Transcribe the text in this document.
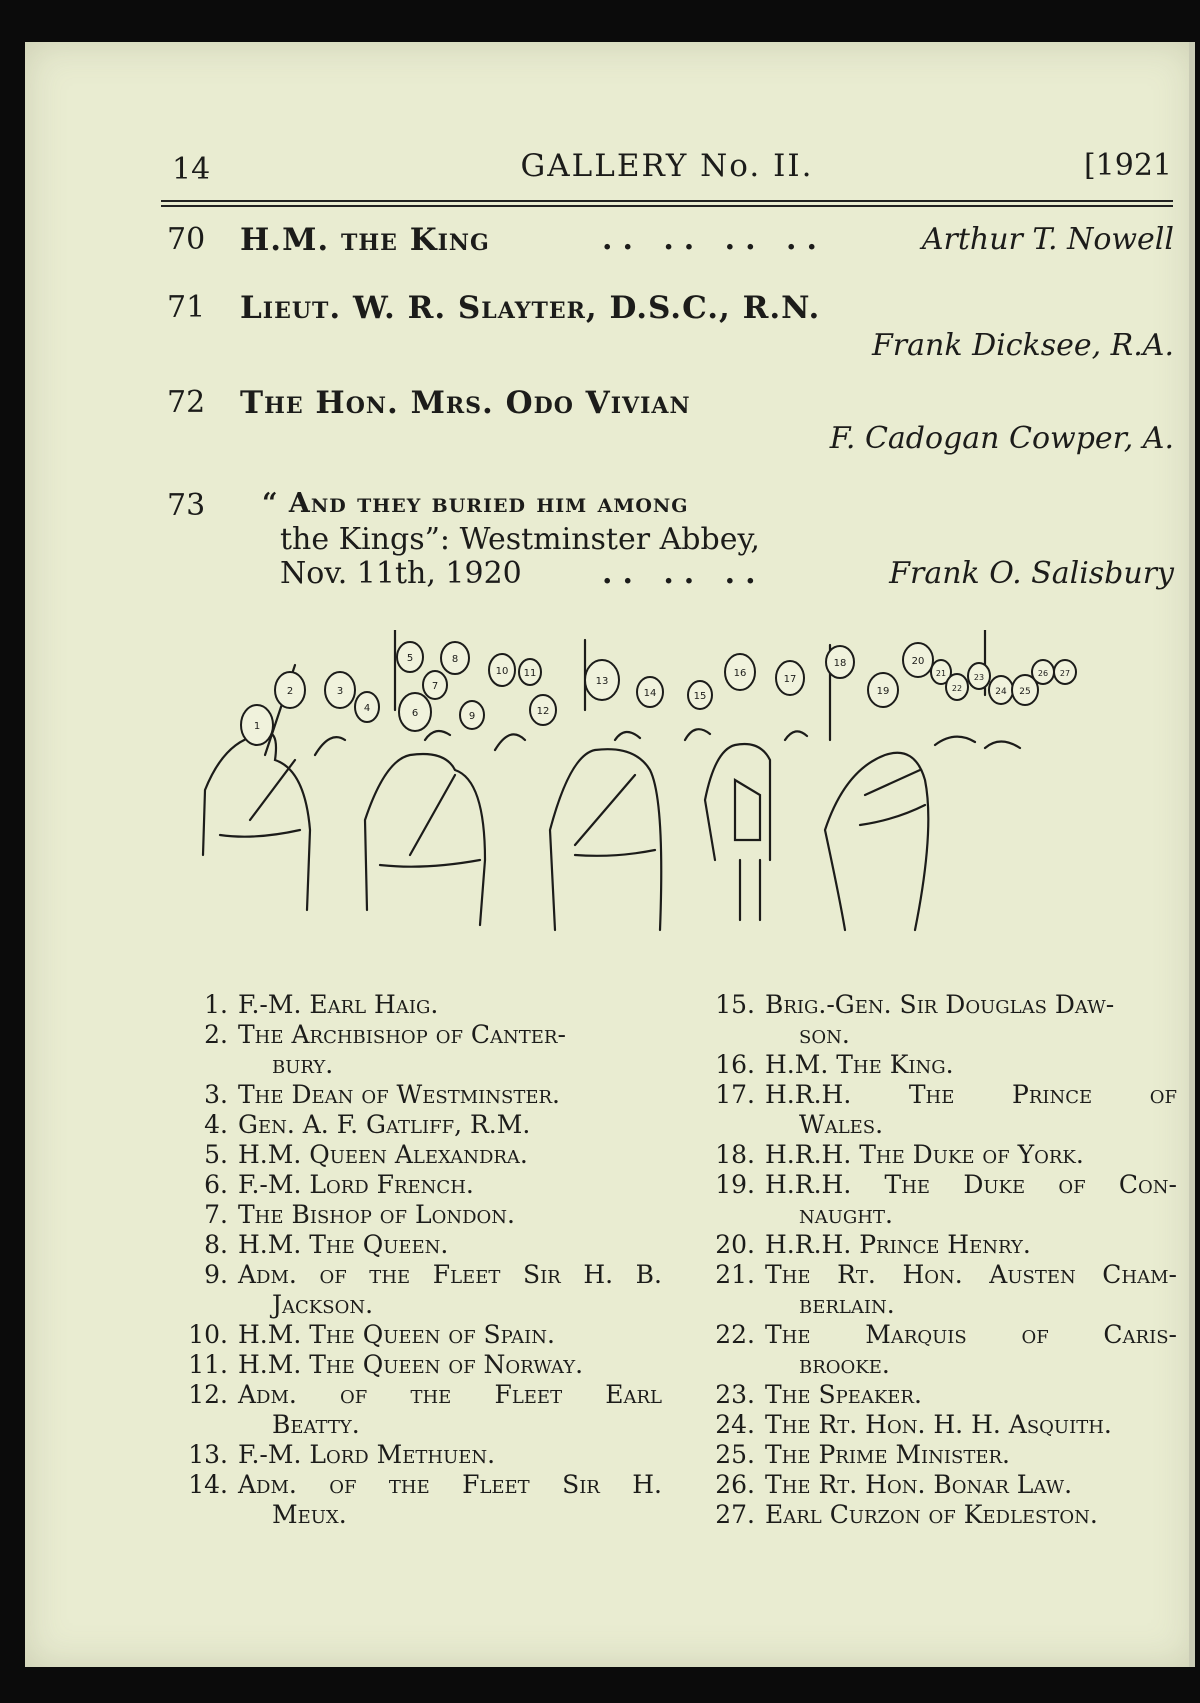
14	GALLERY No. II.	[1921
70 H.M. the King	.. .. .. ..	Arthur T. Nowell
71 Lieut. W. R. Slayter, D.S.C., R.N.
Frank Dicksee, R.A.
72 The Hon. Mrs. Odo Vivian
F. Cadogan Cowper, A.
73 “ And they buried him among
the Kings”: Westminster Abbey,
Nov. 11th, 1920	.. .. ..	Frank O. Salisbury
1
2	3
4
5
6
7
8
9
10 11
12
13
14	15
16
17
18
19
20
21
22
23
24 25
26 27
1. F.-M. Earl Haig.
2. The Archbishop of Canter-
bury.
3. The Dean of Westminster.
4. Gen. A. F. Gatliff, R.M.
5. H.M. Queen Alexandra.
6. F.-M. Lord French.
7. The Bishop of London.
8. H.M. The Queen.
9. Adm. of the Fleet Sir H. B.
Jackson.
10. H.M. The Queen of Spain.
11. H.M. The Queen of Norway.
12. Adm. of the Fleet Earl
Beatty.
13. F.-M. Lord Methuen.
14. Adm. of the Fleet Sir H.
Meux.
15. Brig.-Gen. Sir Douglas Daw-
son.
16. H.M. The King.
17. H.R.H. The Prince of
Wales.
18. H.R.H. The Duke of York.
19. H.R.H. The Duke of Con-
naught.
20. H.R.H. Prince Henry.
21. The Rt. Hon. Austen Cham-
berlain.
22. The Marquis of Caris-
brooke.
23. The Speaker.
24. The Rt. Hon. H. H. Asquith.
25. The Prime Minister.
26. The Rt. Hon. Bonar Law.
27. Earl Curzon of Kedleston.
